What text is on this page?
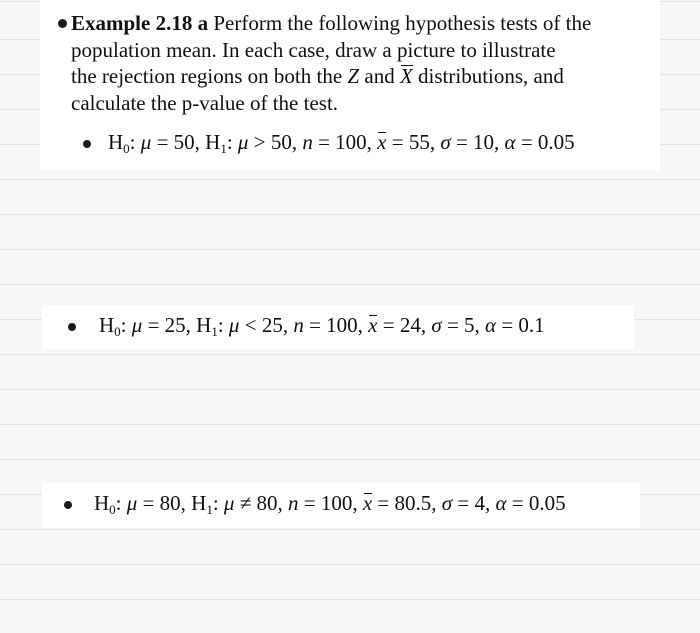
Example 2.18 a Perform the following hypothesis tests of the
population mean. In each case, draw a picture to illustrate
the rejection regions on both the Z and X distributions, and
calculate the p-value of the test.
$H_0$: μ = 50, $H_1$: μ > 50, n = 100, x = 55, σ = 10, α = 0.05
$H_0$: μ = 25, $H_1$: μ < 25, n = 100, x = 24, σ = 5, α = 0.1
$H_0$: μ = 80, $H_1$: μ ≠ 80, n = 100, x = 80.5, σ = 4, α = 0.05
